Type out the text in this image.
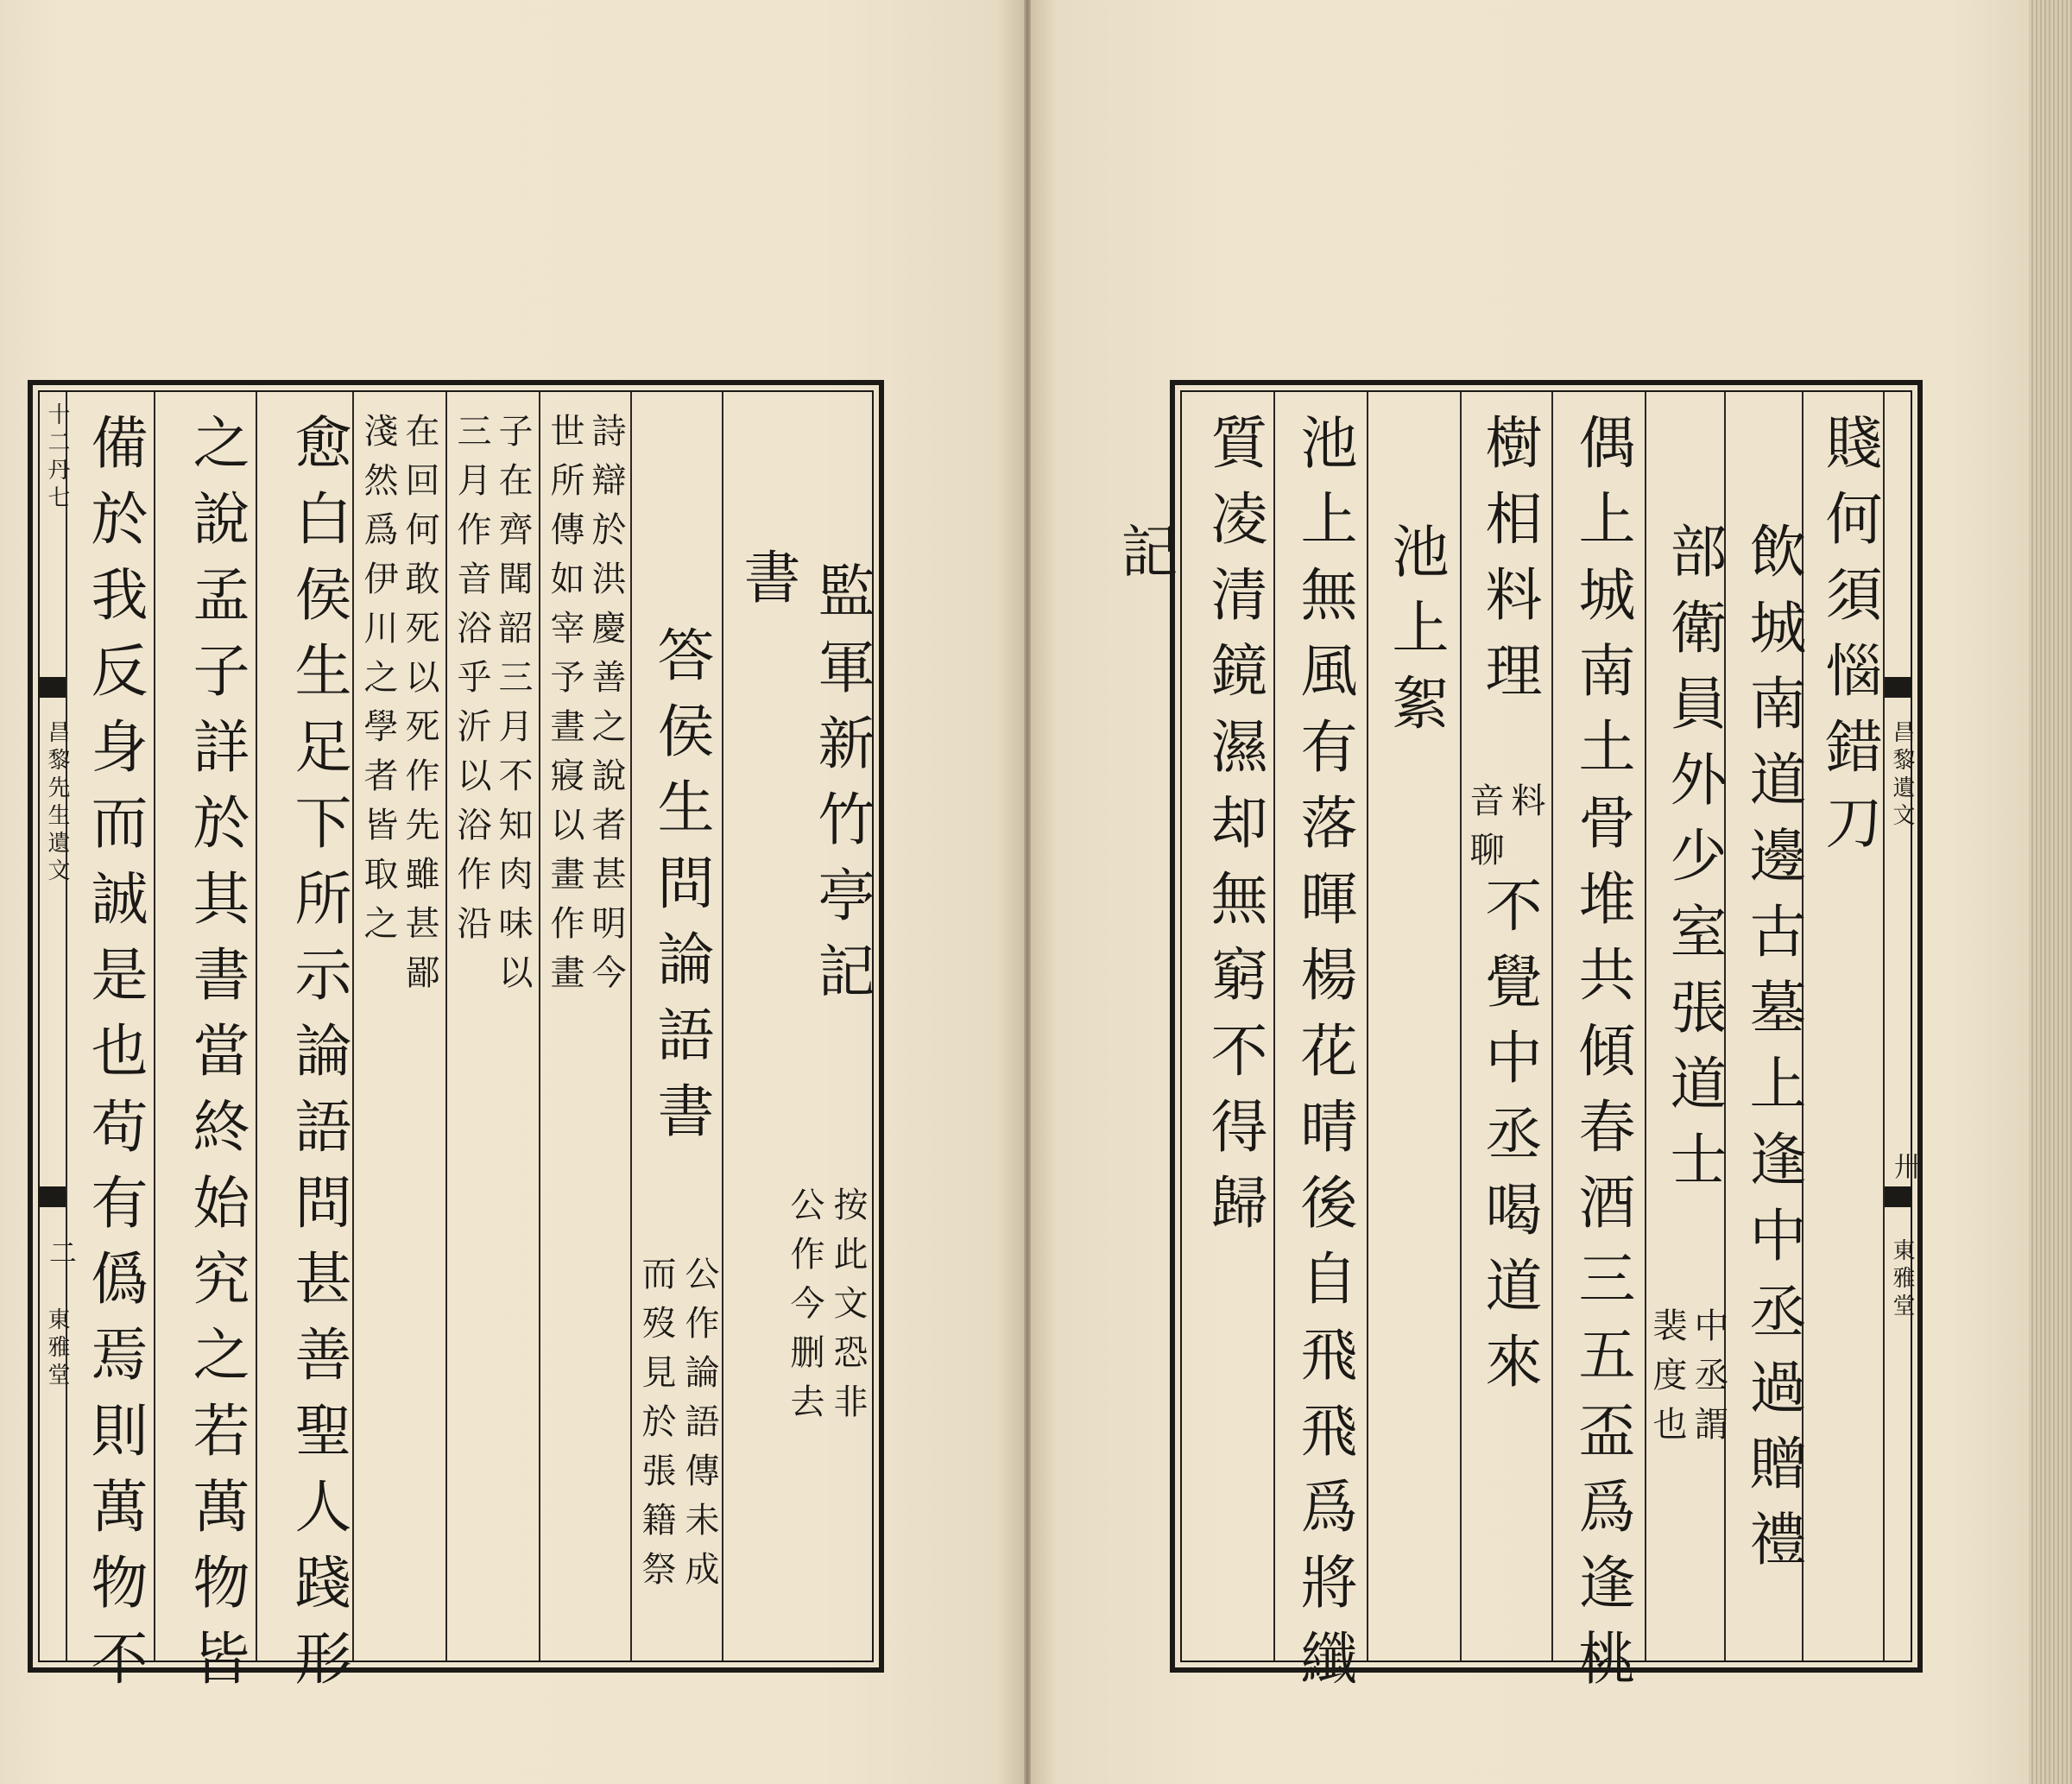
十二丹七
昌黎先生遺文
二
東雅堂
監軍新竹亭記
按此文恐非
公作今删去
書
答侯生問論語書
公作論語傳未成
而歿見於張籍祭
詩辯於洪慶善之說者甚明今
世所傳如宰予晝寢以畫作畫
子在齊聞韶三月不知肉味以
三月作音浴乎沂以浴作沿
在回何敢死以死作先雖甚鄙
淺然爲伊川之學者皆取之
愈白侯生足下所示論語問甚善聖人踐形
之說孟子詳於其書當終始究之若萬物皆
備於我反身而誠是也苟有僞焉則萬物不	昌黎遺文
卅
東雅堂
賤何須惱錯刀
飲城南道邊古墓上逢中丞過贈禮
部衛員外少室張道士
中丞謂
裴度也
偶上城南土骨堆共傾春酒三五盃爲逢桃
樹相料理
料
音聊
不覺中丞喝道來
池上絮
池上無風有落暉楊花晴後自飛飛爲將纖
質凌清鏡濕却無窮不得歸
記
